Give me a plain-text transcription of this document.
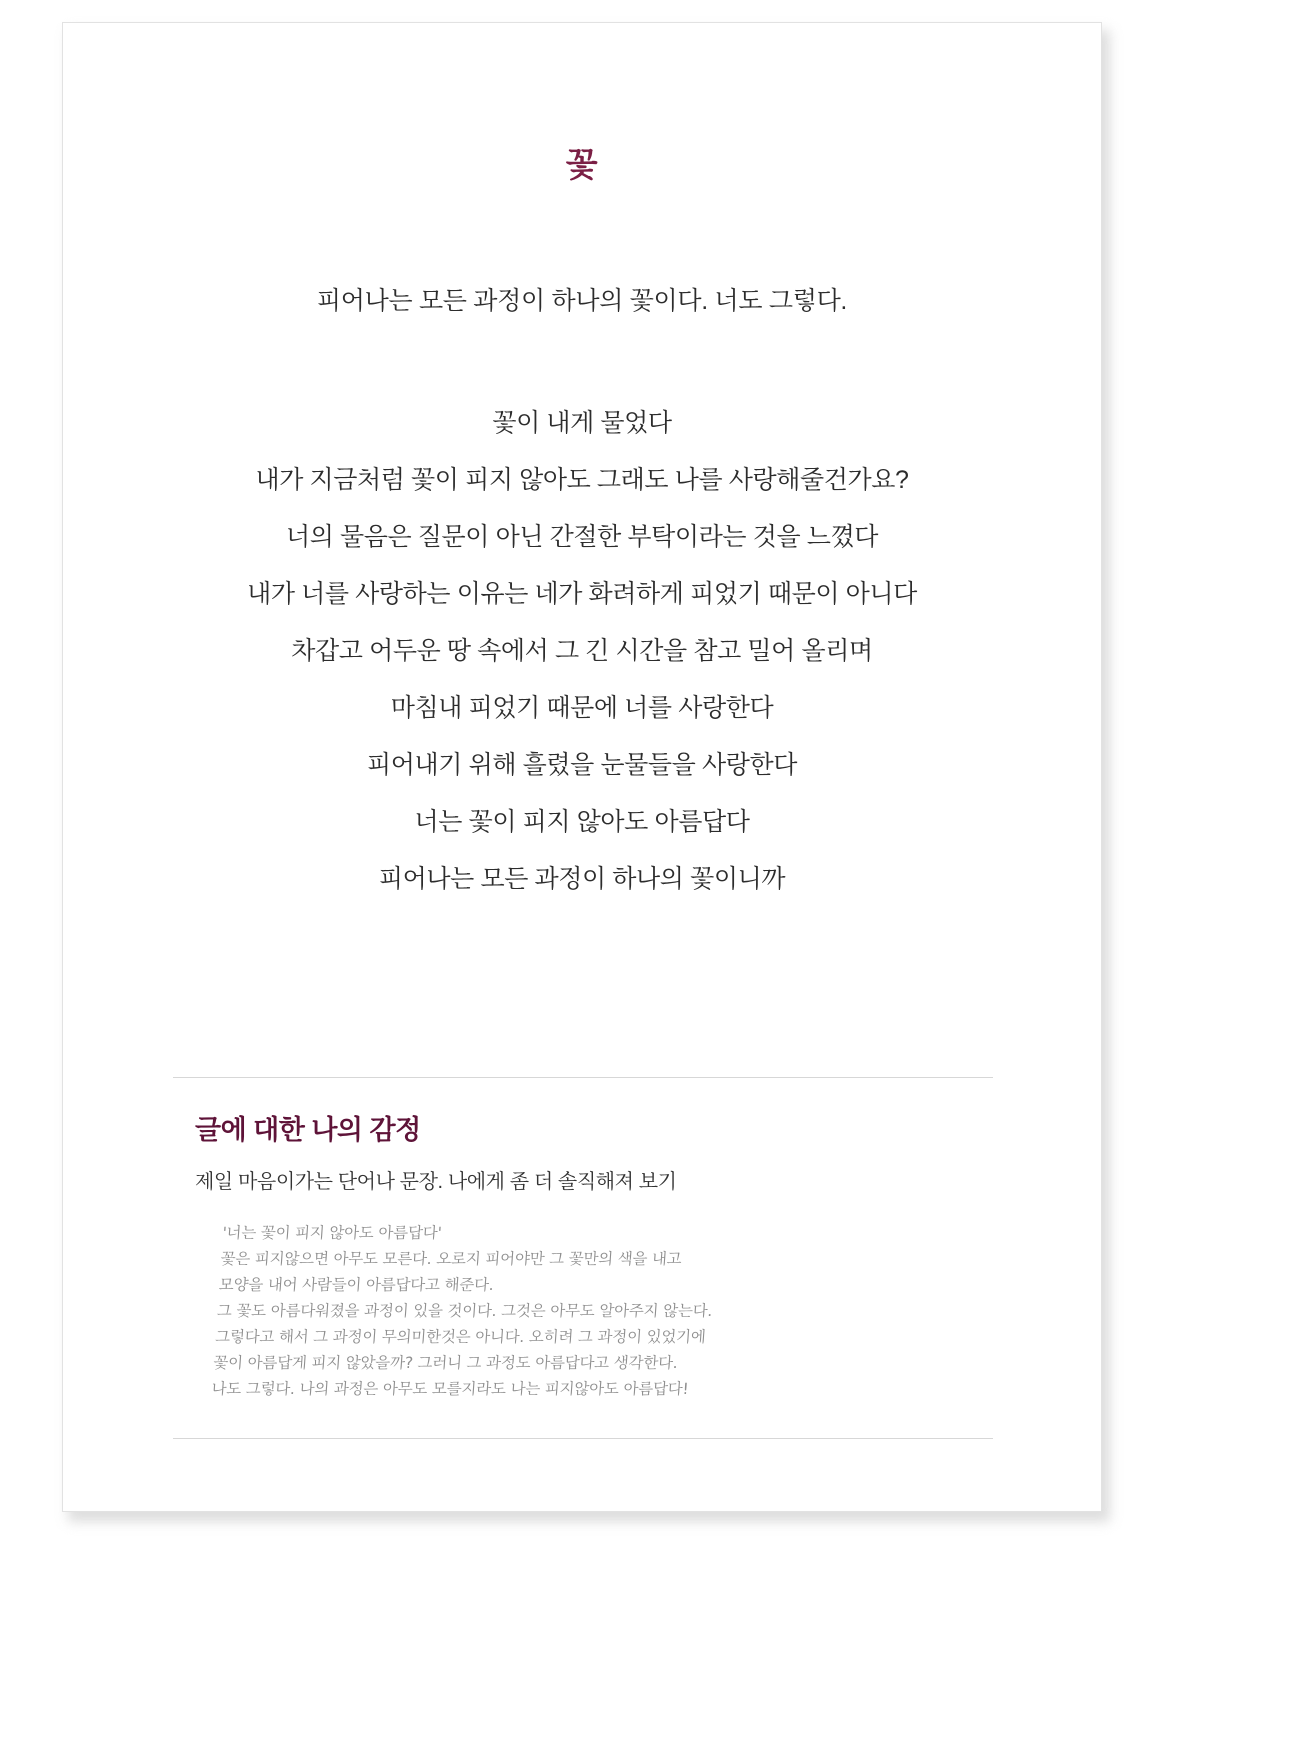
꽃

피어나는 모든 과정이 하나의 꽃이다. 너도 그렇다.

꽃이 내게 물었다
내가 지금처럼 꽃이 피지 않아도 그래도 나를 사랑해줄건가요?
너의 물음은 질문이 아닌 간절한 부탁이라는 것을 느꼈다
내가 너를 사랑하는 이유는 네가 화려하게 피었기 때문이 아니다
차갑고 어두운 땅 속에서 그 긴 시간을 참고 밀어 올리며
마침내 피었기 때문에 너를 사랑한다
피어내기 위해 흘렸을 눈물들을 사랑한다
너는 꽃이 피지 않아도 아름답다
피어나는 모든 과정이 하나의 꽃이니까
글에 대한 나의 감정
제일 마음이가는 단어나 문장. 나에게 좀 더 솔직해져 보기
'너는 꽃이 피지 않아도 아름답다'
꽃은 피지않으면 아무도 모른다. 오로지 피어야만 그 꽃만의 색을 내고
모양을 내어 사람들이 아름답다고 해준다.
그 꽃도 아름다워졌을 과정이 있을 것이다. 그것은 아무도 알아주지 않는다.
그렇다고 해서 그 과정이 무의미한것은 아니다. 오히려 그 과정이 있었기에
꽃이 아름답게 피지 않았을까? 그러니 그 과정도 아름답다고 생각한다.
나도 그렇다. 나의 과정은 아무도 모를지라도 나는 피지않아도 아름답다!
